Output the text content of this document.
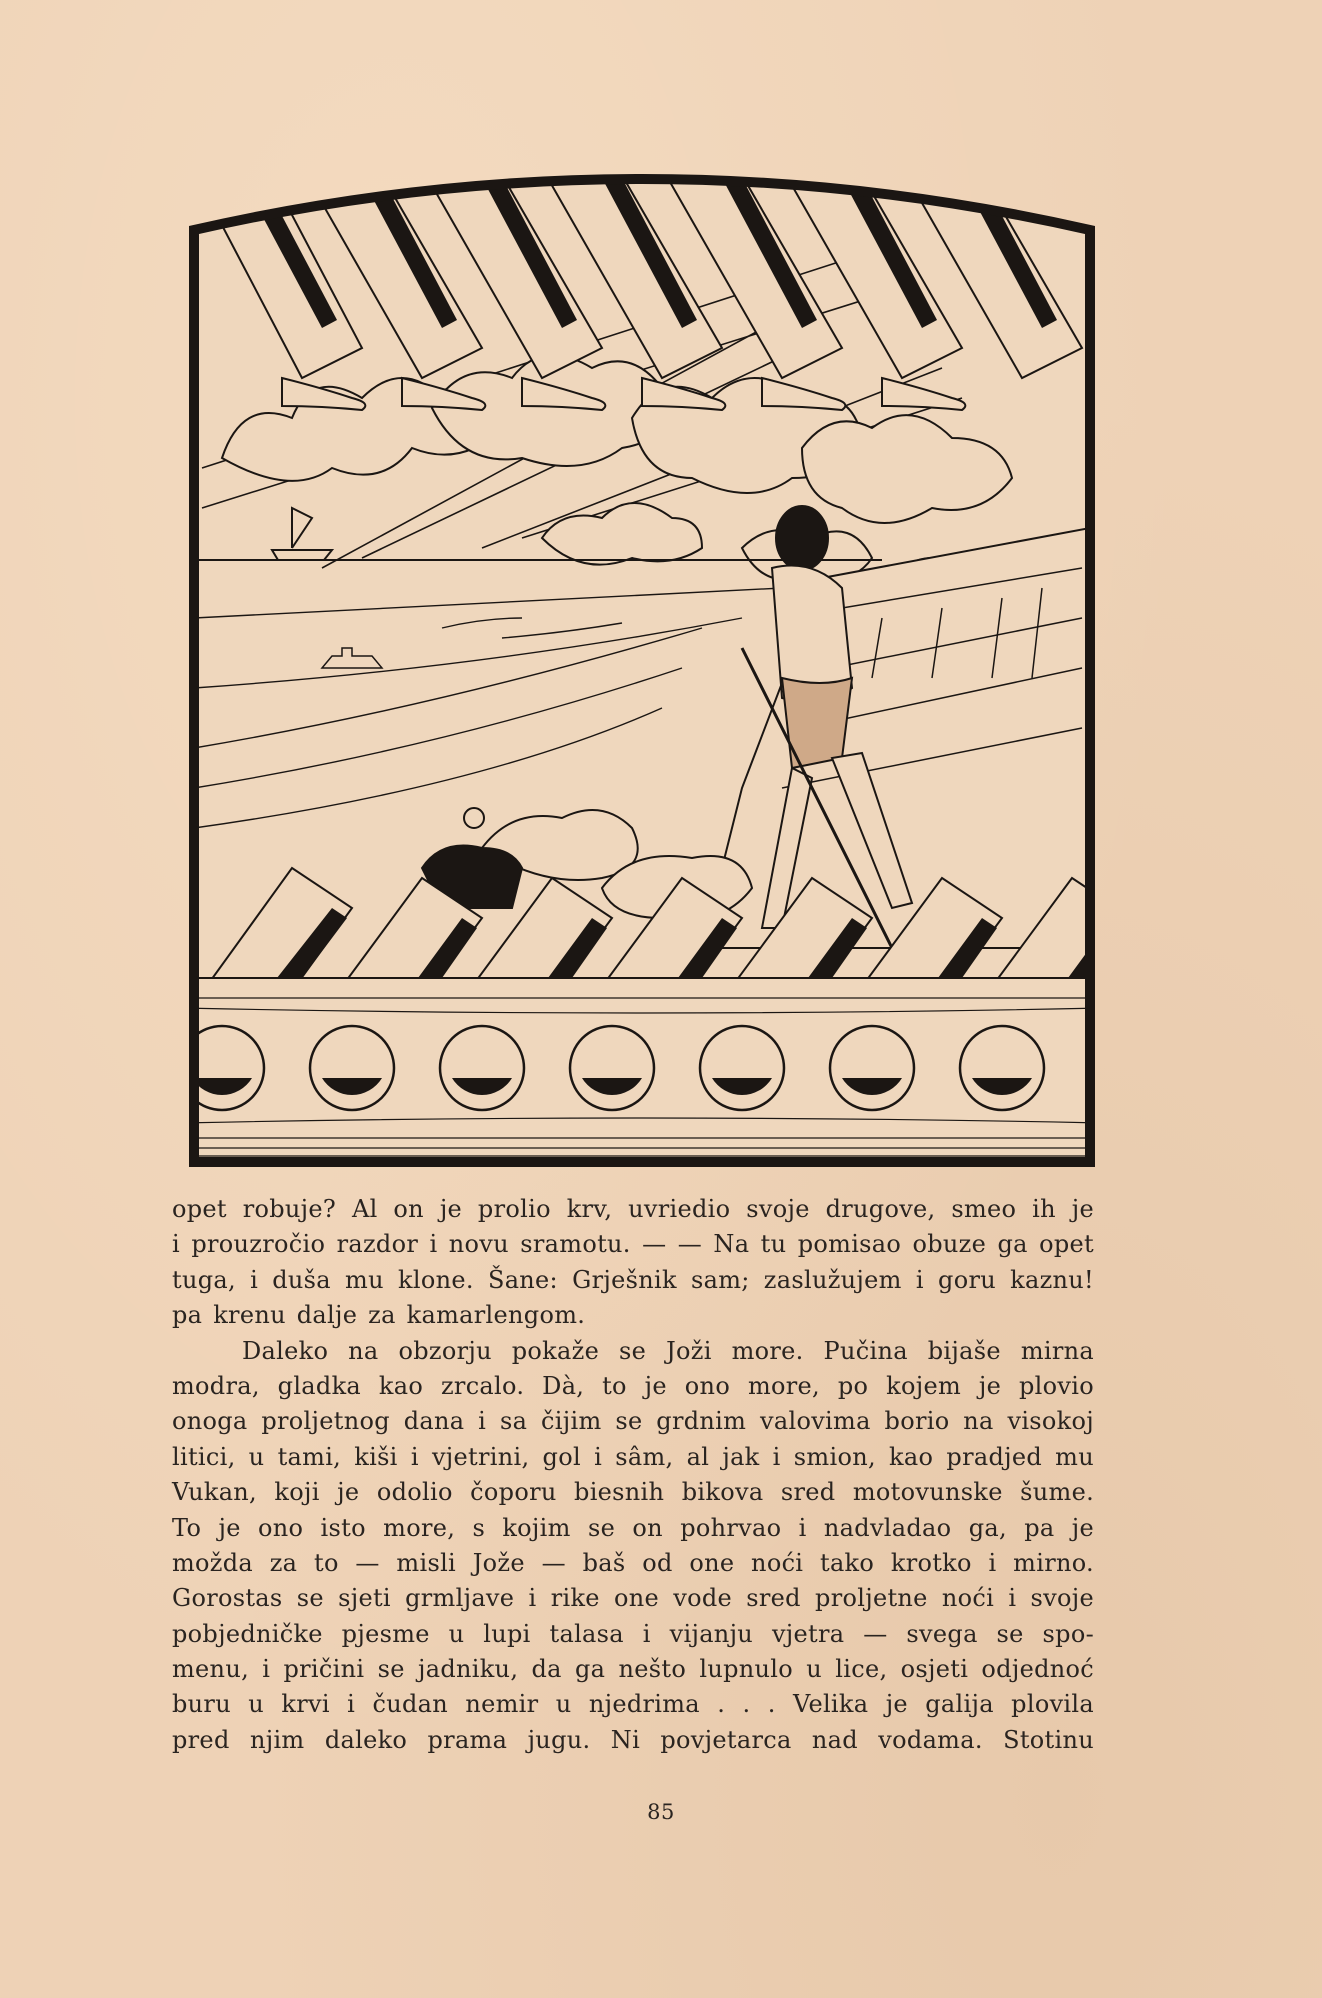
opet robuje? Al on je prolio krv, uvriedio svoje drugove, smeo ih je
i prouzročio razdor i novu sramotu. — — Na tu pomisao obuze ga opet
tuga, i duša mu klone. Šane: Grješnik sam; zaslužujem i goru kaznu!
pa krenu dalje za kamarlengom.
Daleko na obzorju pokaže se Joži more. Pučina bijaše mirna
modra, gladka kao zrcalo. Dà, to je ono more, po kojem je plovio
onoga proljetnog dana i sa čijim se grdnim valovima borio na visokoj
litici, u tami, kiši i vjetrini, gol i sâm, al jak i smion, kao pradjed mu
Vukan, koji je odolio čoporu biesnih bikova sred motovunske šume.
To je ono isto more, s kojim se on pohrvao i nadvladao ga, pa je
možda za to — misli Jože — baš od one noći tako krotko i mirno.
Gorostas se sjeti grmljave i rike one vode sred proljetne noći i svoje
pobjedničke pjesme u lupi talasa i vijanju vjetra — svega se spo-
menu, i pričini se jadniku, da ga nešto lupnulo u lice, osjeti odjednoć
buru u krvi i čudan nemir u njedrima . . . Velika je galija plovila
pred njim daleko prama jugu. Ni povjetarca nad vodama. Stotinu
85
